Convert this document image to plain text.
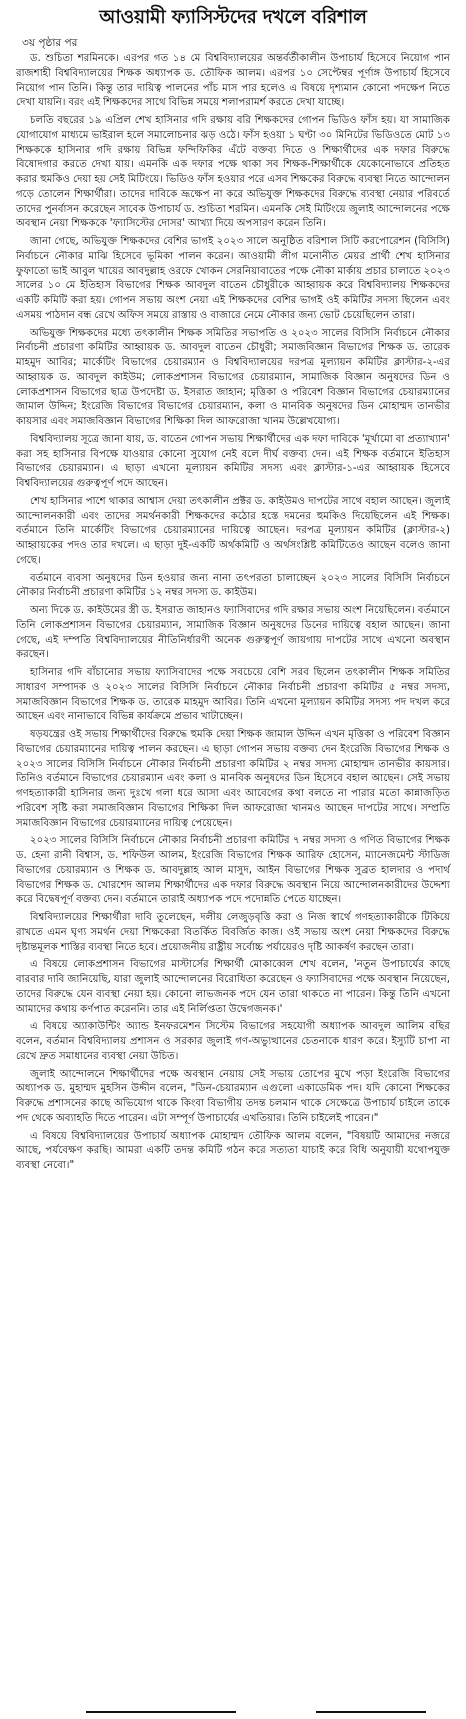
আওয়ামী ফ্যাসিস্টদের দখলে বরিশাল
৩য় পৃষ্ঠার পর

ড. শুচিতা শরমিনকে। এরপর গত ১৪ মে বিশ্ববিদ্যালয়ের অন্তর্বর্তীকালীন উপাচার্য হিসেবে নিয়োগ পান রাজশাহী বিশ্ববিদ্যালয়ের শিক্ষক অধ্যাপক ড. তৌফিক আলম। এরপর ১০ সেপ্টেম্বর পূর্ণাঙ্গ উপাচার্য হিসেবে নিয়োগ পান তিনি। কিন্তু তার দায়িত্ব পালনের পাঁচ মাস পার হলেও এ বিষয়ে দৃশ্যমান কোনো পদক্ষেপ নিতে দেখা যায়নি। বরং এই শিক্ষকদের সাথে বিভিন্ন সময়ে শলাপরামর্শ করতে দেখা যাচ্ছে।

চলতি বছরের ১৯ এপ্রিল শেখ হাসিনার গদি রক্ষায় বরি শিক্ষকদের গোপন ভিডিও ফাঁস হয়। যা সামাজিক যোগাযোগ মাধ্যমে ভাইরাল হলে সমালোচনার ঝড় ওঠে। ফাঁস হওয়া ১ ঘণ্টা ৩০ মিনিটের ভিডিওতে মোট ১৩ শিক্ষককে হাসিনার গদি রক্ষায় বিভিন্ন ফন্দিফিকির এঁটে বক্তব্য দিতে ও শিক্ষার্থীদের এক দফার বিরুদ্ধে বিষোদগার করতে দেখা যায়। এমনকি এক দফার পক্ষে থাকা সব শিক্ষক-শিক্ষার্থীকে যেকোনোভাবে প্রতিহত করার হুমকিও দেয়া হয় সেই মিটিংয়ে। ভিডিও ফাঁস হওয়ার পরে এসব শিক্ষকের বিরুদ্ধে ব্যবস্থা নিতে আন্দোলন গড়ে তোলেন শিক্ষার্থীরা। তাদের দাবিকে ভ্রূক্ষেপ না করে অভিযুক্ত শিক্ষকদের বিরুদ্ধে ব্যবস্থা নেয়ার পরিবর্তে তাদের পুনর্বাসন করেছেন সাবেক উপাচার্য ড. শুচিতা শরমিন। এমনকি সেই মিটিংয়ে জুলাই আন্দোলনের পক্ষে অবস্থান নেয়া শিক্ষককে 'ফ্যাসিস্টের দোসর' আখ্যা দিয়ে অপসারণ করেন তিনি।

জানা গেছে, অভিযুক্ত শিক্ষকদের বেশির ভাগই ২০২৩ সালে অনুষ্ঠিত বরিশাল সিটি করপোরেশন (বিসিসি) নির্বাচনে নৌকার মাঝি হিসেবে ভূমিকা পালন করেন। আওয়ামী লীগ মনোনীত মেয়র প্রার্থী শেখ হাসিনার ফুফাতো ভাই আবুল খায়ের আবদুল্লাহ ওরফে খোকন সেরনিয়াবাতের পক্ষে নৌকা মার্কায় প্রচার চালাতে ২০২৩ সালের ১০ মে ইতিহাস বিভাগের শিক্ষক আবদুল বাতেন চৌধুরীকে আহ্বায়ক করে বিশ্ববিদ্যালয় শিক্ষকদের একটি কমিটি করা হয়। গোপন সভায় অংশ নেয়া এই শিক্ষকদের বেশির ভাগই ওই কমিটির সদস্য ছিলেন এবং এসময় পাঠদান বন্ধ রেখে অফিস সময়ে রাস্তায় ও বাজারে নেমে নৌকার জন্য ভোট চেয়েছিলেন তারা।

অভিযুক্ত শিক্ষকদের মধ্যে তৎকালীন শিক্ষক সমিতির সভাপতি ও ২০২৩ সালের বিসিসি নির্বাচনে নৌকার নির্বাচনী প্রচারণা কমিটির আহ্বায়ক ড. আবদুল বাতেন চৌধুরী; সমাজবিজ্ঞান বিভাগের শিক্ষক ড. তারেক মাহমুদ আবির; মার্কেটিং বিভাগের চেয়ারম্যান ও বিশ্ববিদ্যালয়ের দরপত্র মূল্যায়ন কমিটির ক্লাস্টার-২-এর আহ্বায়ক ড. আবদুল কাইউম; লোকপ্রশাসন বিভাগের চেয়ারম্যান, সামাজিক বিজ্ঞান অনুষদের ডিন ও লোকপ্রশাসন বিভাগের ছাত্র উপদেষ্টা ড. ইসরাত জাহান; মৃত্তিকা ও পরিবেশ বিজ্ঞান বিভাগের চেয়ারম্যানের জামাল উদ্দিন; ইংরেজি বিভাগের বিভাগের চেয়ারম্যান, কলা ও মানবিক অনুষদের ডিন মোহাম্মদ তানভীর কায়সার এবং সমাজবিজ্ঞান বিভাগের শিক্ষিকা দিল আফরোজা খানম উল্লেখযোগ্য।

বিশ্ববিদ্যালয় সূত্রে জানা যায়, ড. বাতেন গোপন সভায় শিক্ষার্থীদের এক দফা দাবিকে 'মূর্খামো বা প্রত্যাখ্যান' করা সহ হাসিনার বিপক্ষে যাওয়ার কোনো সুযোগ নেই বলে দীর্ঘ বক্তব্য দেন। এই শিক্ষক বর্তমানে ইতিহাস বিভাগের চেয়ারম্যান। এ ছাড়া এখনো মূল্যায়ন কমিটির সদস্য এবং ক্লাস্টার-১-এর আহ্বায়ক হিসেবে বিশ্ববিদ্যালয়ের গুরুত্বপূর্ণ পদে আছেন।

শেখ হাসিনার পাশে থাকার আশ্বাস দেয়া তৎকালীন প্রক্টর ড. কাইউমও দাপটের সাথে বহাল আছেন। জুলাই আন্দোলনকারী এবং তাদের সমর্থনকারী শিক্ষকদের কঠোর হস্তে দমনের হুমকিও দিয়েছিলেন এই শিক্ষক। বর্তমানে তিনি মার্কেটিং বিভাগের চেয়ারম্যানের দায়িত্বে আছেন। দরপত্র মূল্যায়ন কমিটির (ক্লাস্টার-২) আহ্বায়কের পদও তার দখলে। এ ছাড়া দুই-একটি অর্থকমিটি ও অর্থসংশ্লিষ্ট কমিটিতেও আছেন বলেও জানা গেছে।

বর্তমানে ব্যবসা অনুষদের ডিন হওয়ার জন্য নানা তৎপরতা চালাচ্ছেন ২০২৩ সালের বিসিসি নির্বাচনে নৌকার নির্বাচনী প্রচারণা কমিটির ১২ নম্বর সদস্য ড. কাইউম।

অন্য দিকে ড. কাইউমের স্ত্রী ড. ইসরাত জাহানও ফ্যাসিবাদের গদি রক্ষার সভায় অংশ নিয়েছিলেন। বর্তমানে তিনি লোকপ্রশাসন বিভাগের চেয়ারম্যান, সামাজিক বিজ্ঞান অনুষদের ডিনের দায়িত্বে বহাল আছেন। জানা গেছে, এই দম্পতি বিশ্ববিদ্যালয়ের নীতিনির্ধারণী অনেক গুরুত্বপূর্ণ জায়গায় দাপটের সাথে এখনো অবস্থান করছেন।

হাসিনার গদি বাঁচানোর সভায় ফ্যাসিবাদের পক্ষে সবচেয়ে বেশি সরব ছিলেন তৎকালীন শিক্ষক সমিতির সাধারণ সম্পাদক ও ২০২৩ সালের বিসিসি নির্বাচনে নৌকার নির্বাচনী প্রচারণা কমিটির ৫ নম্বর সদস্য, সমাজবিজ্ঞান বিভাগের শিক্ষক ড. তারেক মাহমুদ আবির। তিনি এখনো মূল্যায়ন কমিটির সদস্য পদ দখল করে আছেন এবং নানাভাবে বিভিন্ন কার্যক্রমে প্রভাব খাটাচ্ছেন।

ষড়যন্ত্রের ওই সভায় শিক্ষার্থীদের বিরুদ্ধে হুমকি দেয়া শিক্ষক জামাল উদ্দিন এখন মৃত্তিকা ও পরিবেশ বিজ্ঞান বিভাগের চেয়ারম্যানের দায়িত্ব পালন করছেন। এ ছাড়া গোপন সভায় বক্তব্য দেন ইংরেজি বিভাগের শিক্ষক ও ২০২৩ সালের বিসিসি নির্বাচনে নৌকার নির্বাচনী প্রচারণা কমিটির ২ নম্বর সদস্য মোহাম্মদ তানভীর কায়সার। তিনিও বর্তমানে বিভাগের চেয়ারম্যান এবং কলা ও মানবিক অনুষদের ডিন হিসেবে বহাল আছেন। সেই সভায় গণহত্যাকারী হাসিনার জন্য দুঃখে গলা ধরে আসা এবং আবেগের কথা বলতে না পারার মতো কান্নাজড়িত পরিবেশ সৃষ্টি করা সমাজবিজ্ঞান বিভাগের শিক্ষিকা দিল আফরোজা খানমও আছেন দাপটের সাথে। সম্প্রতি সমাজবিজ্ঞান বিভাগের চেয়ারম্যানের দায়িত্ব পেয়েছেন।

২০২৩ সালের বিসিসি নির্বাচনে নৌকার নির্বাচনী প্রচারণা কমিটির ৭ নম্বর সদস্য ও গণিত বিভাগের শিক্ষক ড. হেনা রানী বিশ্বাস, ড. শফিউল আলম, ইংরেজি বিভাগের শিক্ষক আরিফ হোসেন, ম্যানেজমেন্ট স্টাডিজ বিভাগের চেয়ারম্যান ও শিক্ষক ড. আবদুল্লাহ আল মাসুদ, আইন বিভাগের শিক্ষক সুব্রত হালদার ও পদার্থ বিভাগের শিক্ষক ড. খোরশেদ আলম শিক্ষার্থীদের এক দফার বিরুদ্ধে অবস্থান নিয়ে আন্দোলনকারীদের উদ্দেশ্য করে বিদ্বেষপূর্ণ বক্তব্য দেন। বর্তমানে তারাই অধ্যাপক পদে পদোন্নতি পেতে যাচ্ছেন।

বিশ্ববিদ্যালয়ের শিক্ষার্থীরা দাবি তুলেছেন, দলীয় লেজুড়বৃত্তি করা ও নিজ স্বার্থে গণহত্যাকারীকে টিকিয়ে রাখতে এমন ঘৃণ্য সমর্থন দেয়া শিক্ষকেরা বিতর্কিত বিবর্জিত কাজ। ওই সভায় অংশ নেয়া শিক্ষকদের বিরুদ্ধে দৃষ্টান্তমূলক শাস্তির ব্যবস্থা নিতে হবে। প্রয়োজনীয় রাষ্ট্রীয় সর্বোচ্চ পর্যায়েরও দৃষ্টি আকর্ষণ করছেন তারা।

এ বিষয়ে লোকপ্রশাসন বিভাগের মাস্টার্সের শিক্ষার্থী মোকাব্বেল শেখ বলেন, 'নতুন উপাচার্যের কাছে বারবার দাবি জানিয়েছি, যারা জুলাই আন্দোলনের বিরোধিতা করেছেন ও ফ্যাসিবাদের পক্ষে অবস্থান নিয়েছেন, তাদের বিরুদ্ধে যেন ব্যবস্থা নেয়া হয়। কোনো লাভজনক পদে যেন তারা থাকতে না পারেন। কিন্তু তিনি এখনো আমাদের কথায় কর্ণপাত করেননি। তার এই নির্লিপ্ততা উদ্বেগজনক।'

এ বিষয়ে অ্যাকাউন্টিং অ্যান্ড ইনফরমেশন সিস্টেম বিভাগের সহযোগী অধ্যাপক আবদুল আলিম বছির বলেন, বর্তমান বিশ্ববিদ্যালয় প্রশাসন ও সরকার জুলাই গণ-অভ্যুত্থানের চেতনাকে ধারণ করে। ইস্যুটি চাপা না রেখে দ্রুত সমাধানের ব্যবস্থা নেয়া উচিত।

জুলাই আন্দোলনে শিক্ষার্থীদের পক্ষে অবস্থান নেয়ায় সেই সভায় তোপের মুখে পড়া ইংরেজি বিভাগের অধ্যাপক ড. মুহাম্মদ মুহসিন উদ্দীন বলেন, "ডিন-চেয়ারম্যান এগুলো একাডেমিক পদ। যদি কোনো শিক্ষকের বিরুদ্ধে প্রশাসনের কাছে অভিযোগ থাকে কিংবা বিভাগীয় তদন্ত চলমান থাকে সেক্ষেত্রে উপাচার্য চাইলে তাকে পদ থেকে অব্যাহতি দিতে পারেন। এটা সম্পূর্ণ উপাচার্যের এখতিয়ার। তিনি চাইলেই পারেন।"

এ বিষয়ে বিশ্ববিদ্যালয়ের উপাচার্য অধ্যাপক মোহাম্মদ তৌফিক আলম বলেন, "বিষয়টি আমাদের নজরে আছে, পর্যবেক্ষণ করছি। আমরা একটি তদন্ত কমিটি গঠন করে সত্যতা যাচাই করে বিধি অনুযায়ী যথোপযুক্ত ব্যবস্থা নেবো।"
